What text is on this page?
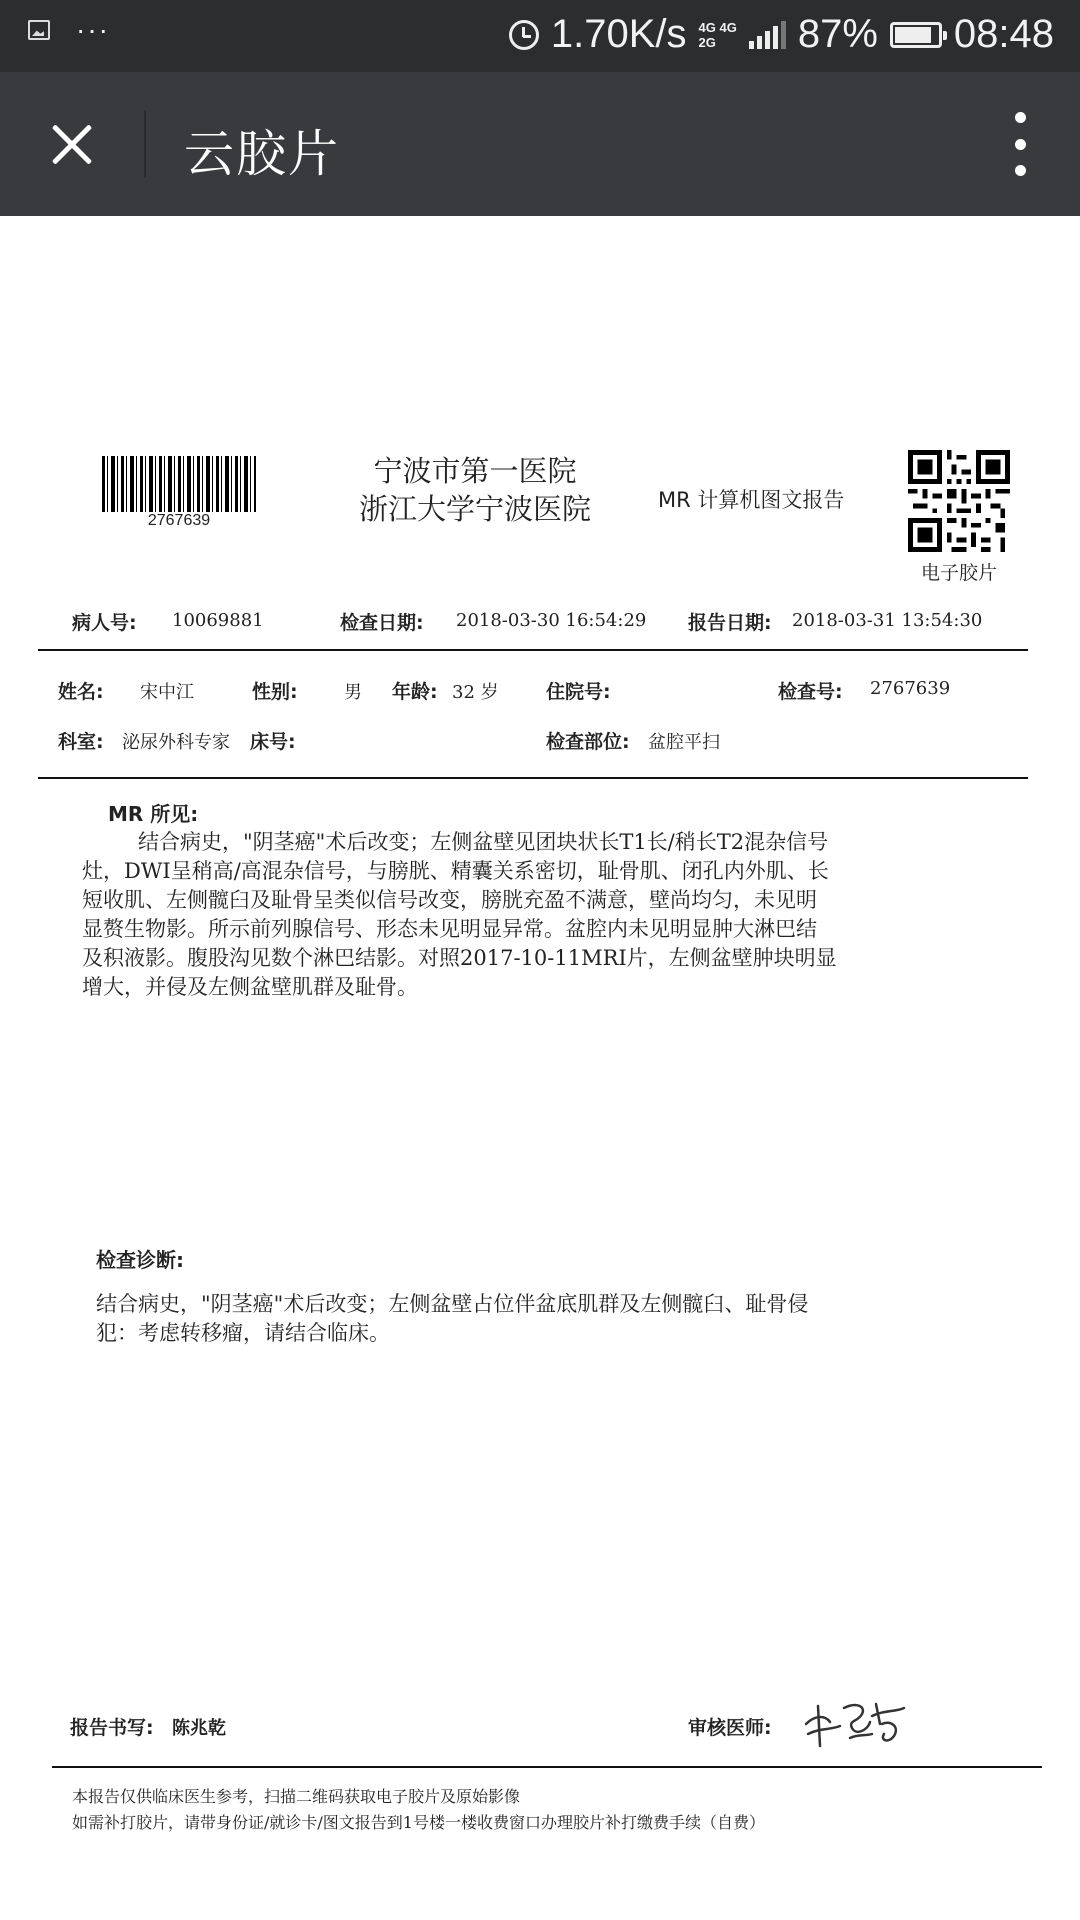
···	1.70K/s 4G 4G
2G	87% 08:48
云胶片
2767639
宁波市第一医院
浙江大学宁波医院	MR 计算机图文报告
电子胶片
病人号: 10069881	检查日期: 2018-03-30 16:54:29 报告日期: 2018-03-31 13:54:30
姓名: 宋中江	性别:	男 年龄: 32 岁 住院号:	检查号: 2767639
科室: 泌尿外科专家	床号:	检查部位: 盆腔平扫
MR 所见:
结合病史，"阴茎癌"术后改变；左侧盆壁见团块状长T1长/稍长T2混杂信号
灶，DWI呈稍高/高混杂信号，与膀胱、精囊关系密切，耻骨肌、闭孔内外肌、长
短收肌、左侧髋臼及耻骨呈类似信号改变，膀胱充盈不满意，壁尚均匀，未见明
显赘生物影。所示前列腺信号、形态未见明显异常。盆腔内未见明显肿大淋巴结
及积液影。腹股沟见数个淋巴结影。对照2017-10-11MRI片，左侧盆壁肿块明显
增大，并侵及左侧盆壁肌群及耻骨。
检查诊断:
结合病史，"阴茎癌"术后改变；左侧盆壁占位伴盆底肌群及左侧髋臼、耻骨侵
犯：考虑转移瘤，请结合临床。
报告书写: 陈兆乾	审核医师:
本报告仅供临床医生参考，扫描二维码获取电子胶片及原始影像
如需补打胶片，请带身份证/就诊卡/图文报告到1号楼一楼收费窗口办理胶片补打缴费手续（自费）
